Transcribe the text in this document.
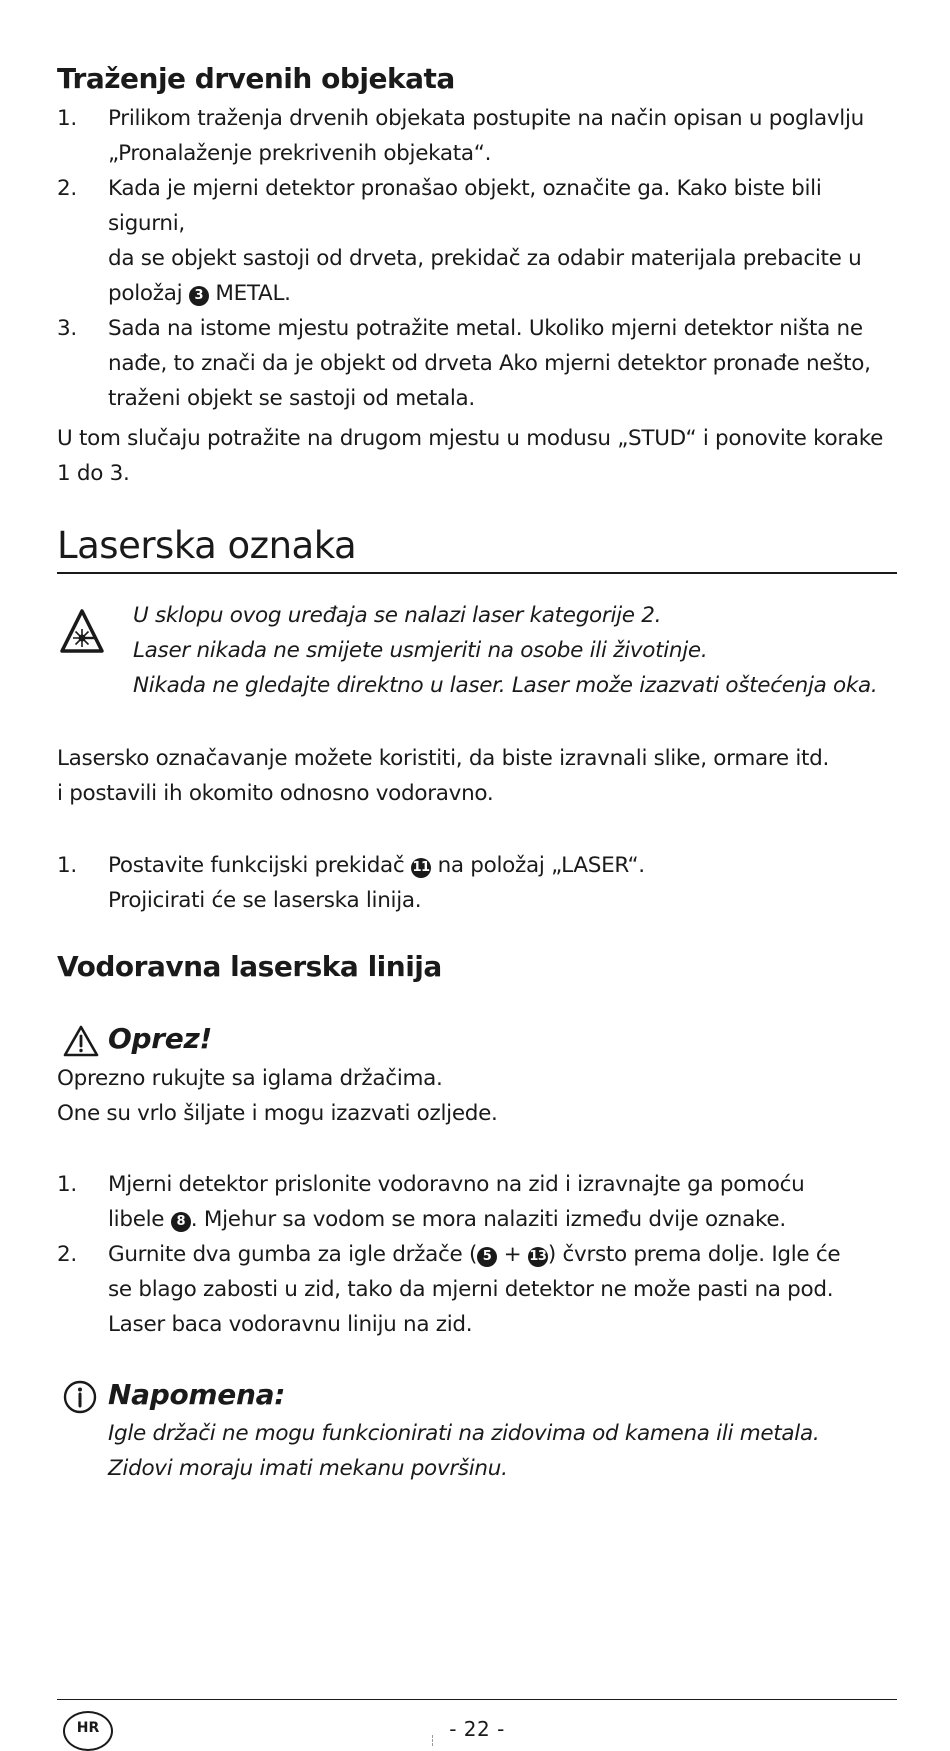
Traženje drvenih objekata
1. Prilikom traženja drvenih objekata postupite na način opisan u poglavlju
„Pronalaženje prekrivenih objekata“.
2. Kada je mjerni detektor pronašao objekt, označite ga. Kako biste bili sigurni,
da se objekt sastoji od drveta, prekidač za odabir materijala prebacite u
položaj 3 METAL.
3. Sada na istome mjestu potražite metal. Ukoliko mjerni detektor ništa ne
nađe, to znači da je objekt od drveta Ako mjerni detektor pronađe nešto,
traženi objekt se sastoji od metala.
U tom slučaju potražite na drugom mjestu u modusu „STUD“ i ponovite korake
1 do 3.
Laserska oznaka
U sklopu ovog uređaja se nalazi laser kategorije 2.
Laser nikada ne smijete usmjeriti na osobe ili životinje.
Nikada ne gledajte direktno u laser. Laser može izazvati oštećenja oka.
Lasersko označavanje možete koristiti, da biste izravnali slike, ormare itd.
i postavili ih okomito odnosno vodoravno.
1. Postavite funkcijski prekidač 11 na položaj „LASER“.
Projicirati će se laserska linija.
Vodoravna laserska linija
Oprez!
Oprezno rukujte sa iglama držačima.
One su vrlo šiljate i mogu izazvati ozljede.
1. Mjerni detektor prislonite vodoravno na zid i izravnajte ga pomoću
libele 8 . Mjehur sa vodom se mora nalaziti između dvije oznake.
2. Gurnite dva gumba za igle držače ( 5 + 13) čvrsto prema dolje. Igle će
se blago zabosti u zid, tako da mjerni detektor ne može pasti na pod.
Laser baca vodoravnu liniju na zid.
Napomena:
Igle držači ne mogu funkcionirati na zidovima od kamena ili metala.
Zidovi moraju imati mekanu površinu.
HR	- 22 -
